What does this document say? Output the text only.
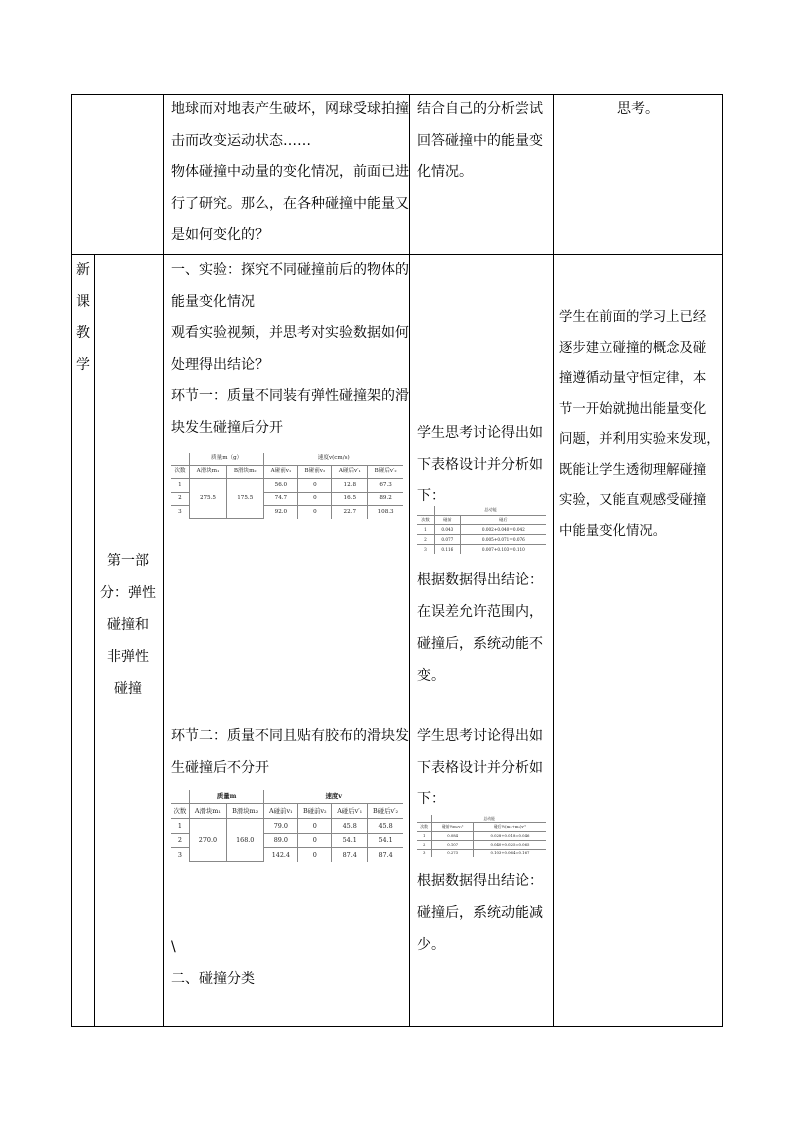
地球而对地表产生破坏，网球受球拍撞

击而改变运动状态……

物体碰撞中动量的变化情况，前面已进

行了研究。那么，在各种碰撞中能量又

是如何变化的？

结合自己的分析尝试

回答碰撞中的能量变

化情况。

思考。

新

课

教

学

第一部

分：弹性

碰撞和

非弹性

碰撞

一、实验：探究不同碰撞前后的物体的

能量变化情况

观看实验视频，并思考对实验数据如何

处理得出结论？

环节一：质量不同装有弹性碰撞架的滑

块发生碰撞后分开

	质量m（g）		速度v(cm/s)			
次数	A滑块m₁	B滑块m₂	A碰前v₁	B碰前v₂	A碰后v′₁	B碰后v′₂
1	275.5	175.5	56.0	0	12.8	67.3
2			74.7	0	16.5	89.2
3			92.0	0	22.7	108.3

环节二：质量不同且贴有胶布的滑块发

生碰撞后不分开

	质量m		速度v			
次数	A滑块m₁	B滑块m₂	A碰前v₁	B碰前v₂	A碰后v′₁	B碰后v′₂
1	270.0	168.0	79.0	0	45.8	45.8
2			89.0	0	54.1	54.1
3			142.4	0	87.4	87.4

\

二、碰撞分类

学生思考讨论得出如

下表格设计并分析如

下：

	总动能	
次数	碰前	碰后
1	0.043	0.002+0.040=0.042
2	0.077	0.005+0.071=0.076
3	0.116	0.007+0.103=0.110

根据数据得出结论：

在误差允许范围内，

碰撞后，系统动能不

变。

学生思考讨论得出如

下表格设计并分析如

下：

	总动能	
次数	碰前½m₁v₁²	碰后½(m₁+m₂)v′²
1	0.084	0.028+0.018=0.046
2	0.107	0.040+0.025=0.065
3	0.273	0.103+0.064=0.167

根据数据得出结论：

碰撞后，系统动能减

少。

学生在前面的学习上已经

逐步建立碰撞的概念及碰

撞遵循动量守恒定律，本

节一开始就抛出能量变化

问题，并利用实验来发现，

既能让学生透彻理解碰撞

实验，又能直观感受碰撞

中能量变化情况。
